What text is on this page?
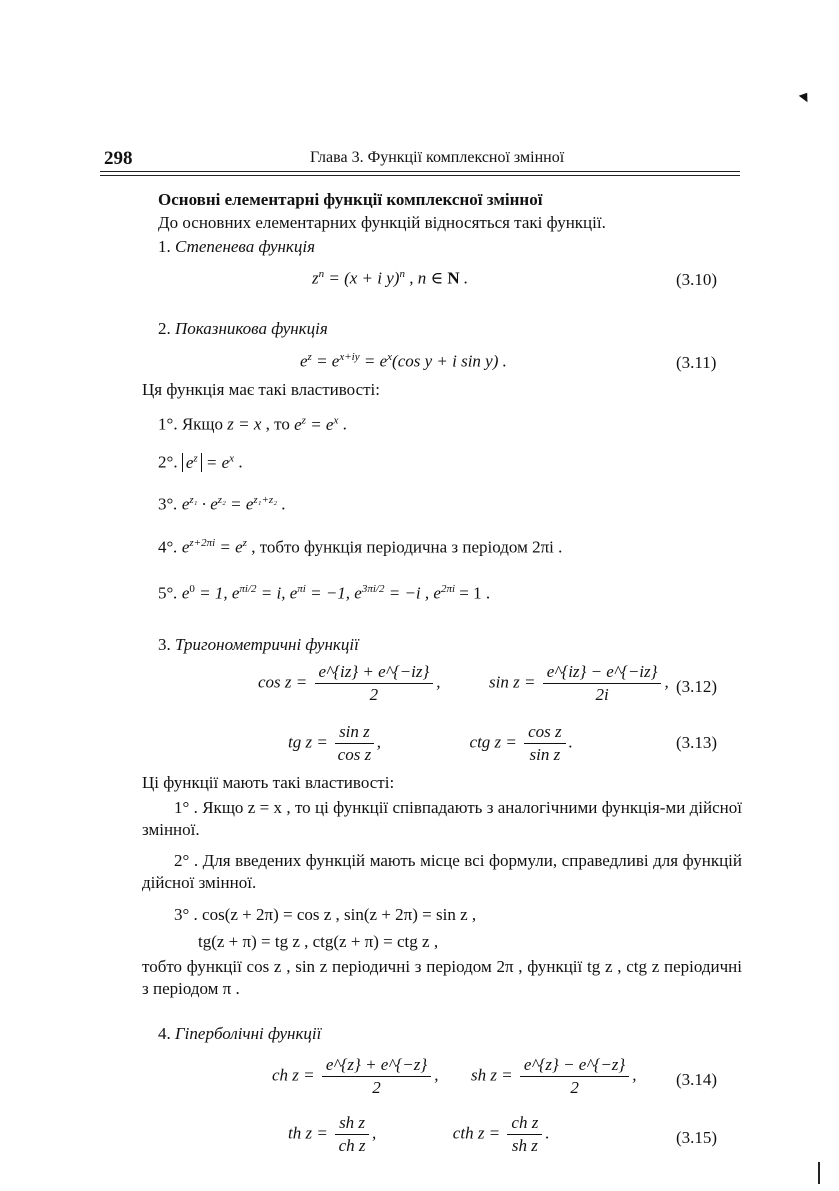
298	Глава 3. Функції комплексної змінної
Основні елементарні функції комплексної змінної
До основних елементарних функцій відносяться такі функції.
1. Степенева функція
$z^n = (x + i$ y)$^n$ , n ∈ N .	(3.10)
2. Показникова функція
$e^z = e^{x+iy} = e^x(\cos$ y + i sin y) .	(3.11)
Ця функція має такі властивості:
1°. Якщо z = x , то $e^z = e^x$ .
2°. $e^z = e^x$ .
3°. $e^{z_1} \cdot e^{z_2} = e^{z_1+z_2}$ .
4°. $e^{z+2\pi i} = e^z$ , тобто функція періодична з періодом 2πi .
5°. $e^0 = 1$, $e^{\pi i/2} = i$, $e^{\pi i} = -1$, $e^{3\pi i/2} = -i$ , $e^{2\pi i} = 1$ .
3. Тригонометричні функції
$\cos z = \frac{e\^{}\{iz\} + e\^{}\{-iz\}}{2}$ ,	$\sin z = \frac{e\^{}\{iz\} - e\^{}\{-iz\}}{2i}$ , (3.12)
tg $z = \frac{\text{sin z}}{\text{cos z}}$ ,	ctg $z = \frac{\text{cos z}}{\text{sin z}}$ .	(3.13)
Ці функції мають такі властивості:
1° . Якщо z = x , то ці функції співпадають з аналогічними функція-ми дійсної змінної.
2° . Для введених функцій мають місце всі формули, справедливі для функцій дійсної змінної.
3° . cos(z + 2π) = cos z , sin(z + 2π) = sin z ,
tg(z + π) = tg z , ctg(z + π) = ctg z ,
тобто функції cos z , sin z періодичні з періодом 2π , функції tg z , ctg z періодичні з періодом π .
4. Гіперболічні функції
ch $z = \frac{e\^{}\{z\} + e\^{}\{-z\}}{2}$ ,  sh $z = \frac{e\^{}\{z\} - e\^{}\{-z\}}{2}$ , (3.14)
th $z = \frac{\text{sh z}}{\text{ch z}}$ ,	cth $z = \frac{\text{ch z}}{\text{sh z}}$ .	(3.15)
